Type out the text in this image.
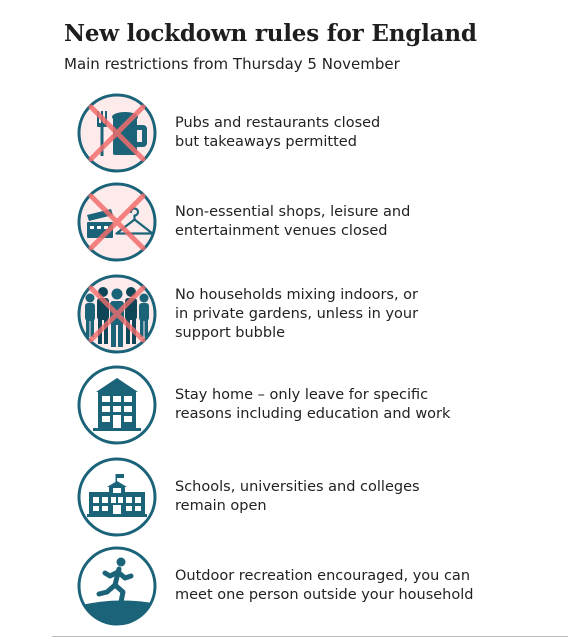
New lockdown rules for England

Main restrictions from Thursday 5 November

Pubs and restaurants closed
but takeaways permitted
Non-essential shops, leisure and
entertainment venues closed
No households mixing indoors, or
in private gardens, unless in your
support bubble
Stay home – only leave for specific
reasons including education and work
Schools, universities and colleges
remain open
Outdoor recreation encouraged, you can
meet one person outside your household
